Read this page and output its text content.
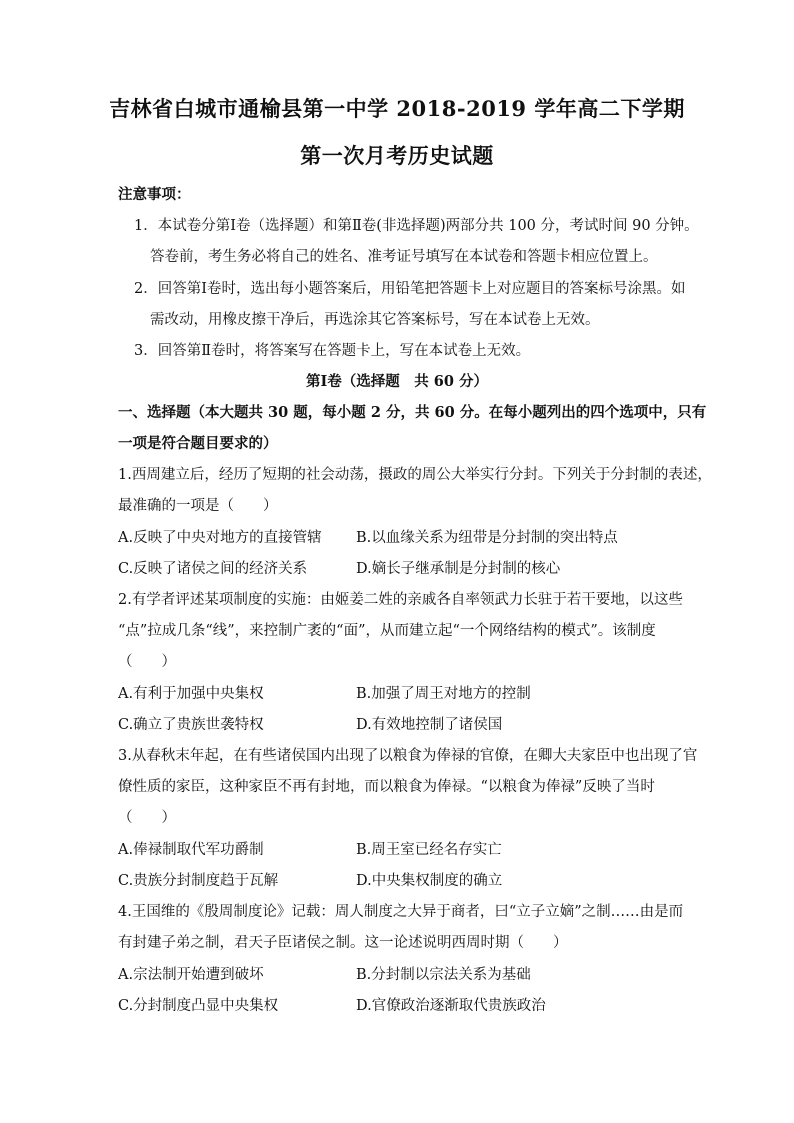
吉林省白城市通榆县第一中学 2018-2019 学年高二下学期
第一次月考历史试题
注意事项：
1．本试卷分第Ⅰ卷（选择题）和第Ⅱ卷(非选择题)两部分共 100 分，考试时间 90 分钟。
答卷前，考生务必将自己的姓名、准考证号填写在本试卷和答题卡相应位置上。
2．回答第Ⅰ卷时，选出每小题答案后，用铅笔把答题卡上对应题目的答案标号涂黑。如
需改动，用橡皮擦干净后，再选涂其它答案标号，写在本试卷上无效。
3．回答第Ⅱ卷时，将答案写在答题卡上，写在本试卷上无效。
第Ⅰ卷（选择题　共 60 分）
一、选择题（本大题共 30 题，每小题 2 分，共 60 分。在每小题列出的四个选项中，只有
一项是符合题目要求的）
1.西周建立后，经历了短期的社会动荡，摄政的周公大举实行分封。下列关于分封制的表述，
最准确的一项是（　　）
A.反映了中央对地方的直接管辖 B.以血缘关系为纽带是分封制的突出特点
C.反映了诸侯之间的经济关系	D.嫡长子继承制是分封制的核心
2.有学者评述某项制度的实施：由姬姜二姓的亲戚各自率领武力长驻于若干要地，以这些
“点”拉成几条“线”，来控制广袤的“面”，从而建立起“一个网络结构的模式”。该制度
（　　）
A.有利于加强中央集权	B.加强了周王对地方的控制
C.确立了贵族世袭特权	D.有效地控制了诸侯国
3.从春秋末年起，在有些诸侯国内出现了以粮食为俸禄的官僚，在卿大夫家臣中也出现了官
僚性质的家臣，这种家臣不再有封地，而以粮食为俸禄。“以粮食为俸禄”反映了当时
（　　）
A.俸禄制取代军功爵制	B.周王室已经名存实亡
C.贵族分封制度趋于瓦解	D.中央集权制度的确立
4.王国维的《殷周制度论》记载：周人制度之大异于商者，曰“立子立嫡”之制……由是而
有封建子弟之制，君天子臣诸侯之制。这一论述说明西周时期（　　）
A.宗法制开始遭到破坏	B.分封制以宗法关系为基础
C.分封制度凸显中央集权	D.官僚政治逐渐取代贵族政治
